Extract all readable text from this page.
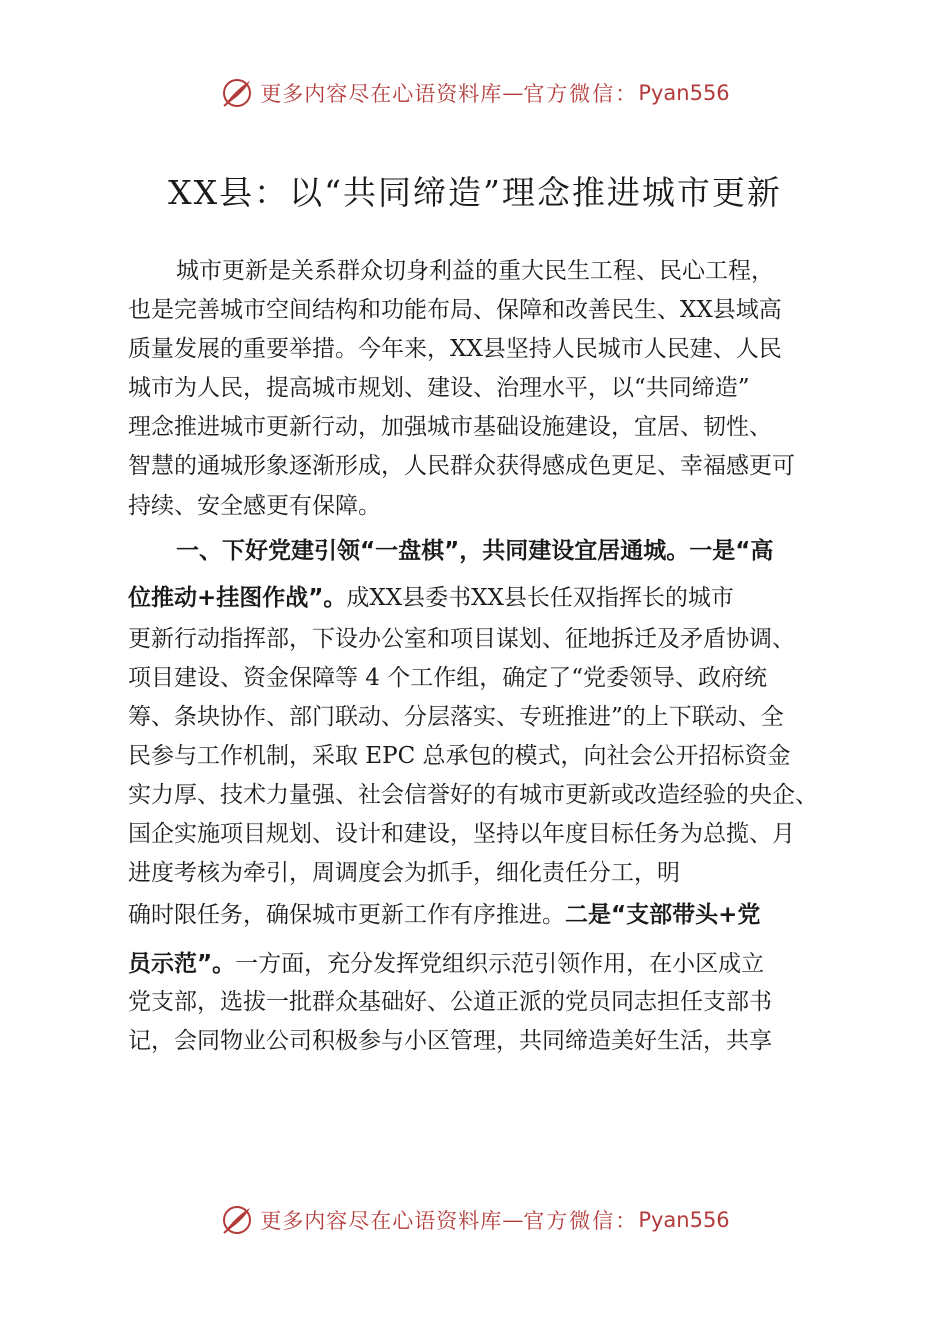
更多内容尽在心语资料库 — 官方微信： Pyan556
XX县：以“共同缔造”理念推进城市更新
城市更新是关系群众切身利益的重大民生工程、民心工程，
也是完善城市空间结构和功能布局、保障和改善民生、XX县域高
质量发展的重要举措。今年来，XX县坚持人民城市人民建、人民
城市为人民，提高城市规划、建设、治理水平，以“共同缔造”
理念推进城市更新行动，加强城市基础设施建设，宜居、韧性、
智慧的通城形象逐渐形成，人民群众获得感成色更足、幸福感更可
持续、安全感更有保障。
一、下好党建引领“一盘棋”，共同建设宜居通城。一是“高
位推动+挂图作战”。成XX县委书XX县长任双指挥长的城市
更新行动指挥部，下设办公室和项目谋划、征地拆迁及矛盾协调、
项目建设、资金保障等 4 个工作组，确定了“党委领导、政府统
筹、条块协作、部门联动、分层落实、专班推进”的上下联动、全
民参与工作机制，采取 EPC 总承包的模式，向社会公开招标资金
实力厚、技术力量强、社会信誉好的有城市更新或改造经验的央企、
国企实施项目规划、设计和建设，坚持以年度目标任务为总揽、月
进度考核为牵引，周调度会为抓手，细化责任分工，明
确时限任务，确保城市更新工作有序推进。二是“支部带头+党
员示范”。一方面，充分发挥党组织示范引领作用，在小区成立
党支部，选拔一批群众基础好、公道正派的党员同志担任支部书
记，会同物业公司积极参与小区管理，共同缔造美好生活，共享
更多内容尽在心语资料库 — 官方微信： Pyan556
